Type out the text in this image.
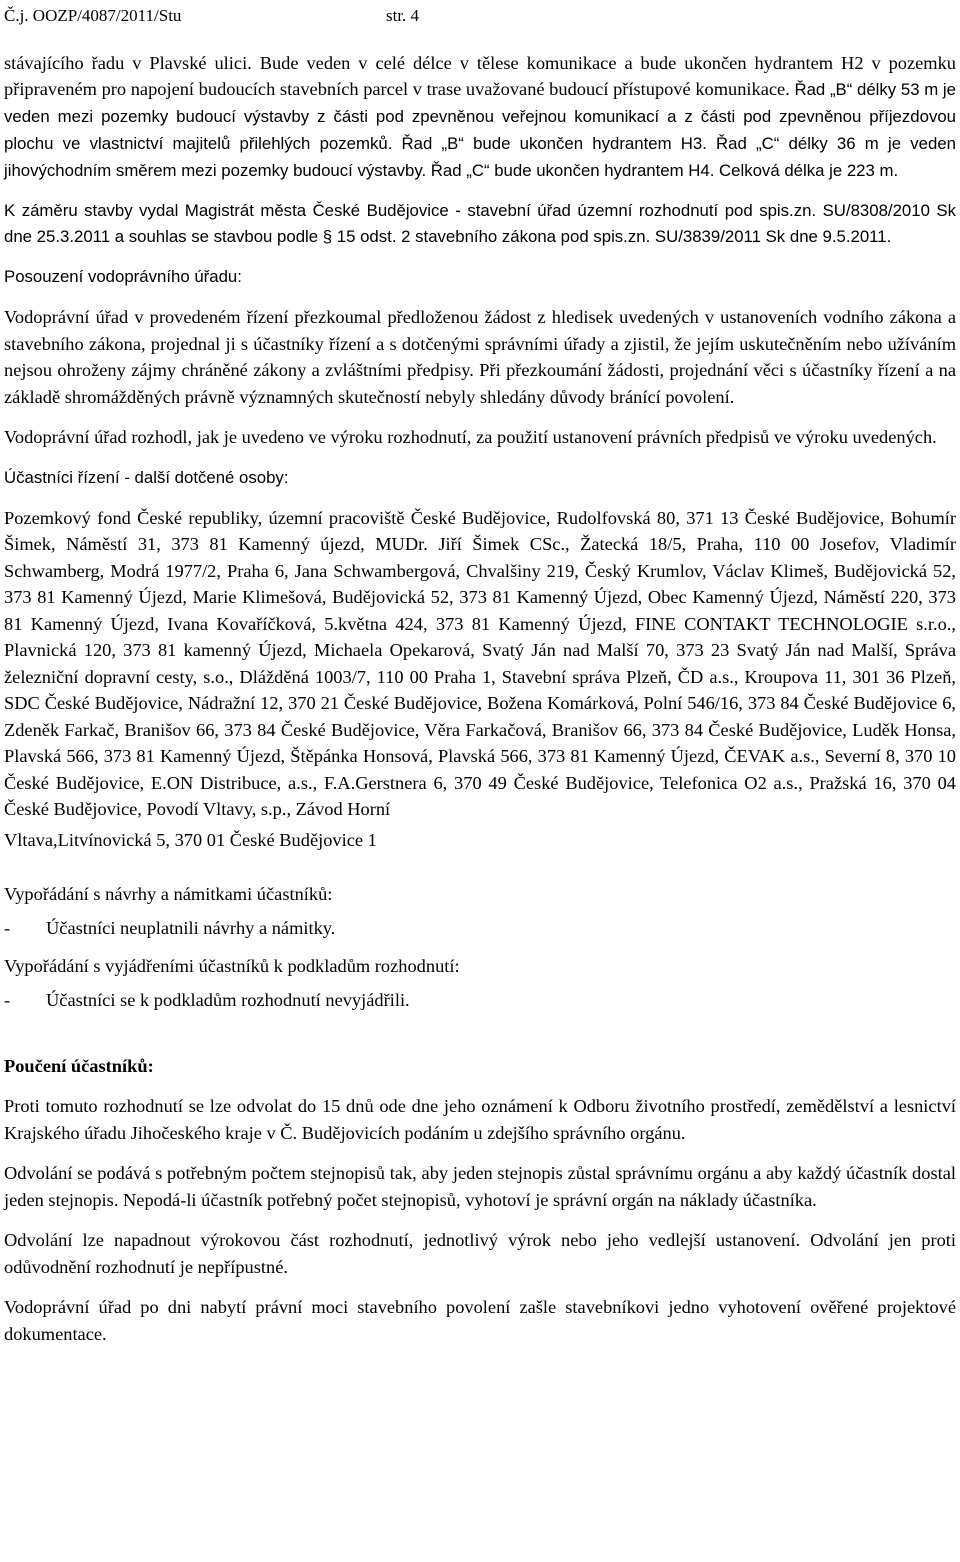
Č.j. OOZP/4087/2011/Stu	str. 4

stávajícího řadu v Plavské ulici. Bude veden v celé délce v tělese komunikace a bude ukončen hydrantem H2 v pozemku připraveném pro napojení budoucích stavebních parcel v trase uvažované budoucí přístupové komunikace. Řad „B“ délky 53 m je veden mezi pozemky budoucí výstavby z části pod zpevněnou veřejnou komunikací a z části pod zpevněnou příjezdovou plochu ve vlastnictví majitelů přilehlých pozemků. Řad „B“ bude ukončen hydrantem H3. Řad „C“ délky 36 m je veden jihovýchodním směrem mezi pozemky budoucí výstavby. Řad „C“ bude ukončen hydrantem H4. Celková délka je 223 m.

K záměru stavby vydal Magistrát města České Budějovice - stavební úřad územní rozhodnutí pod spis.zn. SU/8308/2010 Sk dne 25.3.2011 a souhlas se stavbou podle § 15 odst. 2 stavebního zákona pod spis.zn. SU/3839/2011 Sk dne 9.5.2011.

Posouzení vodoprávního úřadu:

Vodoprávní úřad v provedeném řízení přezkoumal předloženou žádost z hledisek uvedených v ustanoveních vodního zákona a stavebního zákona, projednal ji s účastníky řízení a s dotčenými správními úřady a zjistil, že jejím uskutečněním nebo užíváním nejsou ohroženy zájmy chráněné zákony a zvláštními předpisy. Při přezkoumání žádosti, projednání věci s účastníky řízení a na základě shromážděných právně významných skutečností nebyly shledány důvody bránící povolení.

Vodoprávní úřad rozhodl, jak je uvedeno ve výroku rozhodnutí, za použití ustanovení právních předpisů ve výroku uvedených.

Účastníci řízení - další dotčené osoby:

Pozemkový fond České republiky, územní pracoviště České Budějovice, Rudolfovská 80, 371 13 České Budějovice, Bohumír Šimek, Náměstí 31, 373 81 Kamenný újezd, MUDr. Jiří Šimek CSc., Žatecká 18/5, Praha, 110 00 Josefov, Vladimír Schwamberg, Modrá 1977/2, Praha 6, Jana Schwambergová, Chvalšiny 219, Český Krumlov, Václav Klimeš, Budějovická 52, 373 81 Kamenný Újezd, Marie Klimešová, Budějovická 52, 373 81 Kamenný Újezd, Obec Kamenný Újezd, Náměstí 220, 373 81 Kamenný Újezd, Ivana Kovaříčková, 5.května 424, 373 81 Kamenný Újezd, FINE CONTAKT TECHNOLOGIE s.r.o., Plavnická 120, 373 81 kamenný Újezd, Michaela Opekarová, Svatý Ján nad Malší 70, 373 23 Svatý Ján nad Malší, Správa železniční dopravní cesty, s.o., Dlážděná 1003/7, 110 00 Praha 1, Stavební správa Plzeň, ČD a.s., Kroupova 11, 301 36 Plzeň, SDC České Budějovice, Nádražní 12, 370 21 České Budějovice, Božena Komárková, Polní 546/16, 373 84 České Budějovice 6, Zdeněk Farkač, Branišov 66, 373 84 České Budějovice, Věra Farkačová, Branišov 66, 373 84 České Budějovice, Luděk Honsa, Plavská 566, 373 81 Kamenný Újezd, Štěpánka Honsová, Plavská 566, 373 81 Kamenný Újezd, ČEVAK a.s., Severní 8, 370 10 České Budějovice, E.ON Distribuce, a.s., F.A.Gerstnera 6, 370 49 České Budějovice, Telefonica O2 a.s., Pražská 16, 370 04 České Budějovice, Povodí Vltavy, s.p., Závod Horní

Vltava,Litvínovická 5, 370 01 České Budějovice 1

Vypořádání s návrhy a námitkami účastníků:

-	Účastníci neuplatnili návrhy a námitky.

Vypořádání s vyjádřeními účastníků k podkladům rozhodnutí:

-	Účastníci se k podkladům rozhodnutí nevyjádřili.

Poučení účastníků:

Proti tomuto rozhodnutí se lze odvolat do 15 dnů ode dne jeho oznámení k Odboru životního prostředí, zemědělství a lesnictví Krajského úřadu Jihočeského kraje v Č. Budějovicích podáním u zdejšího správního orgánu.

Odvolání se podává s potřebným počtem stejnopisů tak, aby jeden stejnopis zůstal správnímu orgánu a aby každý účastník dostal jeden stejnopis. Nepodá-li účastník potřebný počet stejnopisů, vyhotoví je správní orgán na náklady účastníka.

Odvolání lze napadnout výrokovou část rozhodnutí, jednotlivý výrok nebo jeho vedlejší ustanovení. Odvolání jen proti odůvodnění rozhodnutí je nepřípustné.

Vodoprávní úřad po dni nabytí právní moci stavebního povolení zašle stavebníkovi jedno vyhotovení ověřené projektové dokumentace.
